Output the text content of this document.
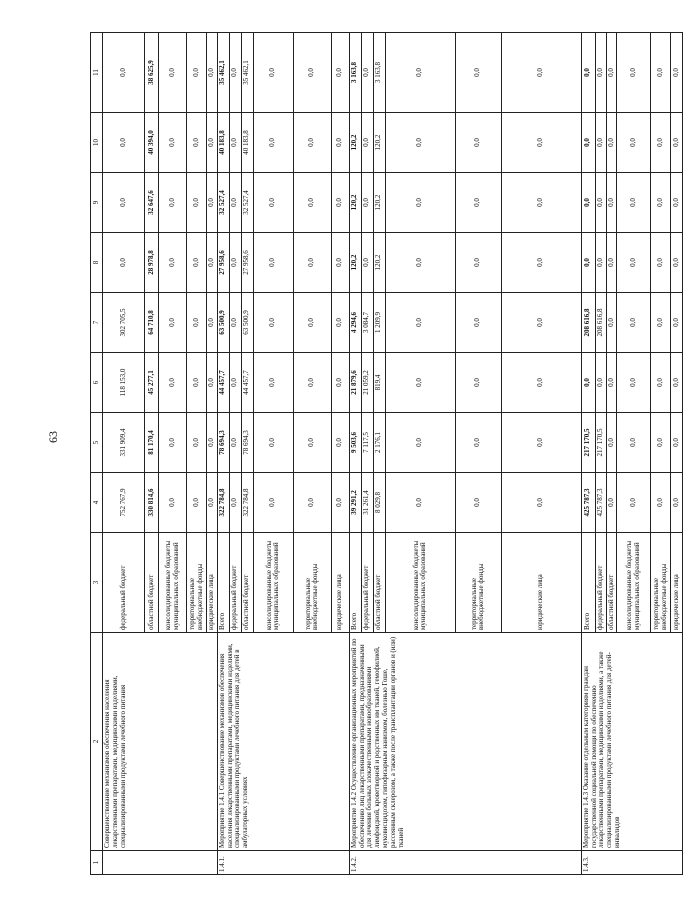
63
1	2	3	4	5	6	7	8	9	10	11
	Совершенствование механизмов обеспечения населения лекарственными препаратами, медицинскими изделиями, специализированными продуктами лечебного питания	федеральный бюджет	752 767,9	331 909,4	118 153,0	302 705,5	0,0	0,0	0,0	0,0
		областной бюджет	330 814,6	81 170,4	45 277,1	64 710,8	28 978,8	32 647,6	40 394,0	38 625,9
		консолидированные бюджеты муниципальных образований	0,0	0,0	0,0	0,0	0,0	0,0	0,0	0,0
		территориальные внебюджетные фонды	0,0	0,0	0,0	0,0	0,0	0,0	0,0	0,0
		юридические лица	0,0	0,0	0,0	0,0	0,0	0,0	0,0	0,0
1.4.1.	Мероприятие 1.4.1 Совершенствование механизмов обеспечения населения лекарственными препаратами, медицинскими изделиями, специализированными продуктами лечебного питания для детей в амбулаторных условиях	Всего	322 784,8	78 694,3	44 457,7	63 500,9	27 958,6	32 527,4	40 183,8	35 462,1
		федеральный бюджет	0,0	0,0	0,0	0,0	0,0	0,0	0,0	0,0
		областной бюджет	322 784,8	78 694,3	44 457,7	63 500,9	27 958,6	32 527,4	40 183,8	35 462,1
		консолидированные бюджеты муниципальных образований	0,0	0,0	0,0	0,0	0,0	0,0	0,0	0,0
		территориальные внебюджетные фонды	0,0	0,0	0,0	0,0	0,0	0,0	0,0	0,0
		юридические лица	0,0	0,0	0,0	0,0	0,0	0,0	0,0	0,0
1.4.2.	Мероприятие 1.4.2 Осуществление организационных мероприятий по обеспечению лиц лекарственными препаратами, предназначенными для лечения больных злокачественными новообразованиями лимфоидной, кроветворной и родственных им тканей, гемофилией, муковисцидозом, гипофизарным нанизмом, болезнью Гоше, рассеянным склерозом, а также после трансплантации органов и (или) тканей	Всего	39 291,2	9 503,6	21 879,6	4 294,6	120,2	120,2	120,2	3 163,8
		федеральный бюджет	31 261,4	7 117,5	21 059,2	3 084,7	0,0	0,0	0,0	0,0
		областной бюджет	8 029,8	2 176,1	819,4	1 209,9	120,2	120,2	120,2	3 163,8
		консолидированные бюджеты муниципальных образований	0,0	0,0	0,0	0,0	0,0	0,0	0,0	0,0
		территориальные внебюджетные фонды	0,0	0,0	0,0	0,0	0,0	0,0	0,0	0,0
		юридические лица	0,0	0,0	0,0	0,0	0,0	0,0	0,0	0,0
1.4.3.	Мероприятие 1.4.3 Оказание отдельным категориям граждан государственной социальной помощи по обеспечению лекарственными препаратами, медицинскими изделиями, а также специализированными продуктами лечебного питания для детей-инвалидов	Всего	425 787,3	217 170,5	0,0	208 616,8	0,0	0,0	0,0	0,0
		федеральный бюджет	425 787,3	217 170,5	0,0	208 616,8	0,0	0,0	0,0	0,0
		областной бюджет	0,0	0,0	0,0	0,0	0,0	0,0	0,0	0,0
		консолидированные бюджеты муниципальных образований	0,0	0,0	0,0	0,0	0,0	0,0	0,0	0,0
		территориальные внебюджетные фонды	0,0	0,0	0,0	0,0	0,0	0,0	0,0	0,0
		юридические лица	0,0	0,0	0,0	0,0	0,0	0,0	0,0	0,0
